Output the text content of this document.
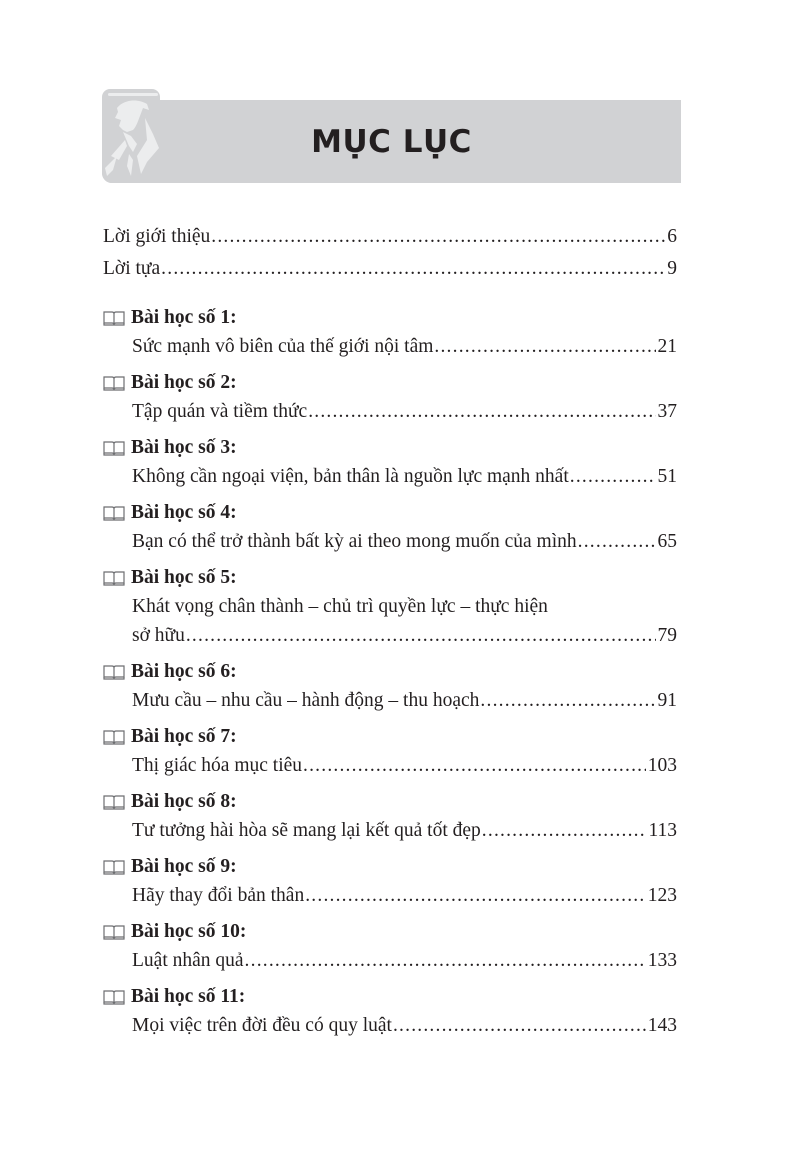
MỤC LỤC
Lời giới thiệu .....	6
Lời tựa .....	9
Bài học số 1:
Sức mạnh vô biên của thế giới nội tâm .....	21
Bài học số 2:
Tập quán và tiềm thức .....	37
Bài học số 3:
Không cần ngoại viện, bản thân là nguồn lực mạnh nhất .....	51
Bài học số 4:
Bạn có thể trở thành bất kỳ ai theo mong muốn của mình .....	65
Bài học số 5:
Khát vọng chân thành – chủ trì quyền lực – thực hiện
sở hữu .....	79
Bài học số 6:
Mưu cầu – nhu cầu – hành động – thu hoạch .....	91
Bài học số 7:
Thị giác hóa mục tiêu .....	103
Bài học số 8:
Tư tưởng hài hòa sẽ mang lại kết quả tốt đẹp .....	113
Bài học số 9:
Hãy thay đổi bản thân .....	123
Bài học số 10:
Luật nhân quả .....	133
Bài học số 11:
Mọi việc trên đời đều có quy luật .....	143
